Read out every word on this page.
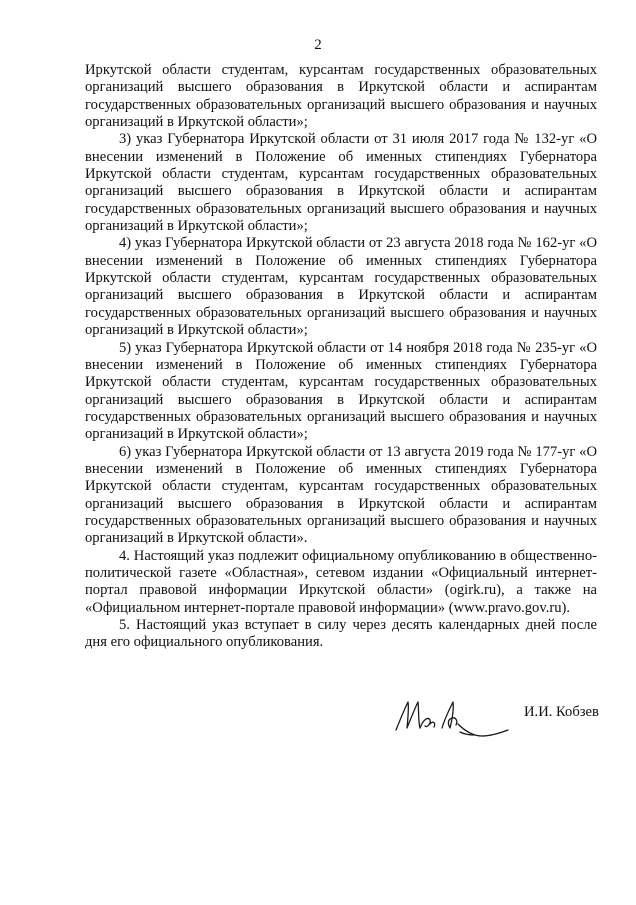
2

Иркутской области студентам, курсантам государственных образовательных организаций высшего образования в Иркутской области и аспирантам государственных образовательных организаций высшего образования и научных организаций в Иркутской области»;

3) указ Губернатора Иркутской области от 31 июля 2017 года № 132-уг «О внесении изменений в Положение об именных стипендиях Губернатора Иркутской области студентам, курсантам государственных образовательных организаций высшего образования в Иркутской области и аспирантам государственных образовательных организаций высшего образования и научных организаций в Иркутской области»;

4) указ Губернатора Иркутской области от 23 августа 2018 года № 162-уг «О внесении изменений в Положение об именных стипендиях Губернатора Иркутской области студентам, курсантам государственных образовательных организаций высшего образования в Иркутской области и аспирантам государственных образовательных организаций высшего образования и научных организаций в Иркутской области»;

5) указ Губернатора Иркутской области от 14 ноября 2018 года № 235-уг «О внесении изменений в Положение об именных стипендиях Губернатора Иркутской области студентам, курсантам государственных образовательных организаций высшего образования в Иркутской области и аспирантам государственных образовательных организаций высшего образования и научных организаций в Иркутской области»;

6) указ Губернатора Иркутской области от 13 августа 2019 года № 177-уг «О внесении изменений в Положение об именных стипендиях Губернатора Иркутской области студентам, курсантам государственных образовательных организаций высшего образования в Иркутской области и аспирантам государственных образовательных организаций высшего образования и научных организаций в Иркутской области».

4. Настоящий указ подлежит официальному опубликованию в общественно-политической газете «Областная», сетевом издании «Официальный интернет-портал правовой информации Иркутской области» (ogirk.ru), а также на «Официальном интернет-портале правовой информации» (www.pravo.gov.ru).

5. Настоящий указ вступает в силу через десять календарных дней после дня его официального опубликования.

И.И. Кобзев
